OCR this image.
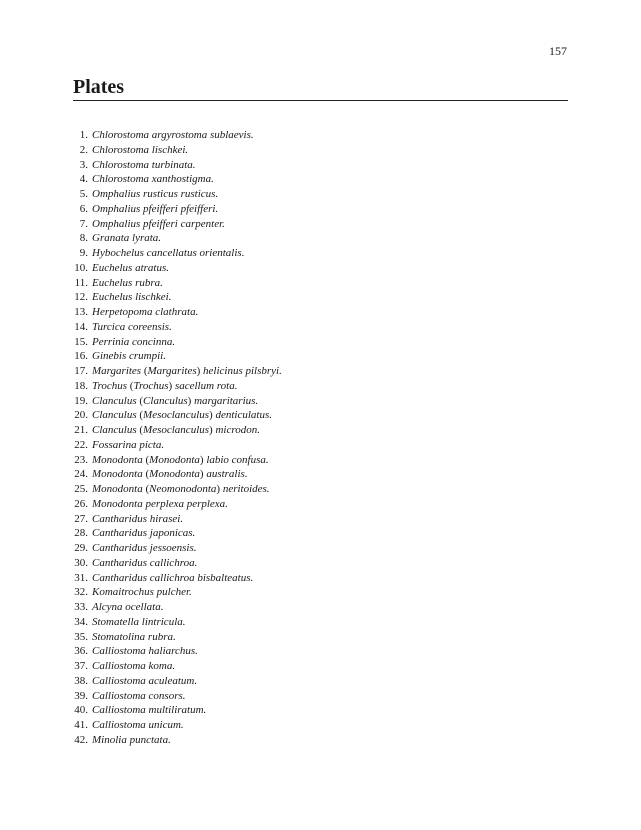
157
Plates
1. Chlorostoma argyrostoma sublaevis.
2. Chlorostoma lischkei.
3. Chlorostoma turbinata.
4. Chlorostoma xanthostigma.
5. Omphalius rusticus rusticus.
6. Omphalius pfeifferi pfeifferi.
7. Omphalius pfeifferi carpenter.
8. Granata lyrata.
9. Hybochelus cancellatus orientalis.
10. Euchelus atratus.
11. Euchelus rubra.
12. Euchelus lischkei.
13. Herpetopoma clathrata.
14. Turcica coreensis.
15. Perrinia concinna.
16. Ginebis crumpii.
17. Margarites (Margarites) helicinus pilsbryi.
18. Trochus (Trochus) sacellum rota.
19. Clanculus (Clanculus) margaritarius.
20. Clanculus (Mesoclanculus) denticulatus.
21. Clanculus (Mesoclanculus) microdon.
22. Fossarina picta.
23. Monodonta (Monodonta) labio confusa.
24. Monodonta (Monodonta) australis.
25. Monodonta (Neomonodonta) neritoides.
26. Monodonta perplexa perplexa.
27. Cantharidus hirasei.
28. Cantharidus japonicas.
29. Cantharidus jessoensis.
30. Cantharidus callichroa.
31. Cantharidus callichroa bisbalteatus.
32. Komaitrochus pulcher.
33. Alcyna ocellata.
34. Stomatella lintricula.
35. Stomatolina rubra.
36. Calliostoma haliarchus.
37. Calliostoma koma.
38. Calliostoma aculeatum.
39. Calliostoma consors.
40. Calliostoma multiliratum.
41. Calliostoma unicum.
42. Minolia punctata.
